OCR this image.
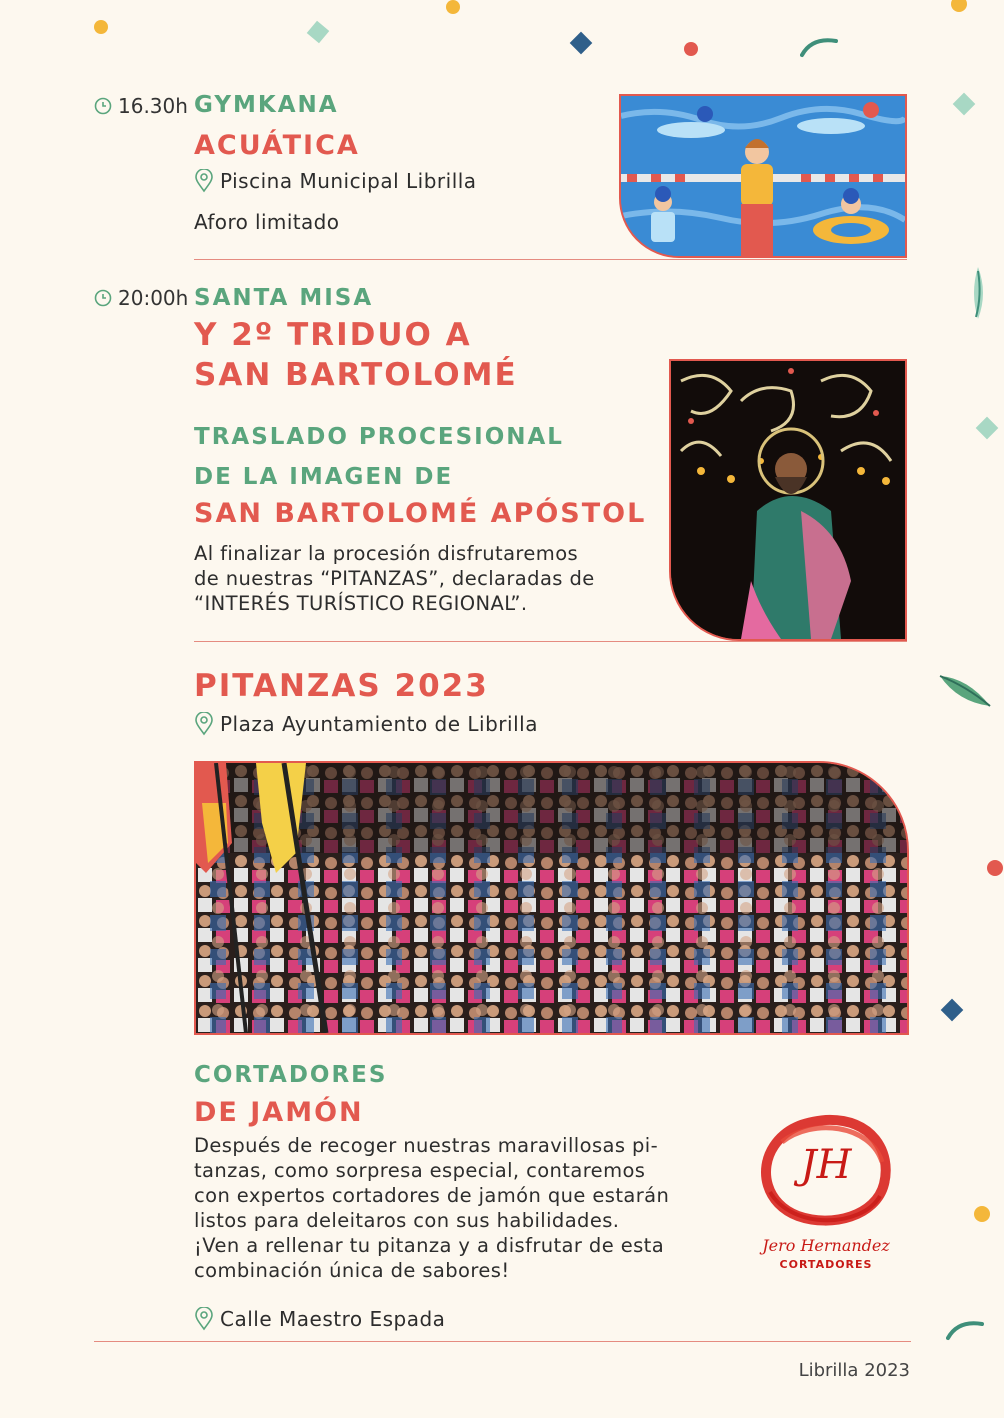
16.30h GYMKANA
ACUÁTICA
Piscina Municipal Librilla
Aforo limitado
20:00h SANTA MISA
Y 2º TRIDUO A
SAN BARTOLOMÉ
TRASLADO PROCESIONAL
DE LA IMAGEN DE
SAN BARTOLOMÉ APÓSTOL
Al finalizar la procesión disfrutaremos
de nuestras “PITANZAS”, declaradas de
“INTERÉS TURÍSTICO REGIONAL”.
PITANZAS 2023
Plaza Ayuntamiento de Librilla
CORTADORES
DE JAMÓN
Después de recoger nuestras maravillosas pi-
tanzas, como sorpresa especial, contaremos
con expertos cortadores de jamón que estarán
listos para deleitaros con sus habilidades.
¡Ven a rellenar tu pitanza y a disfrutar de esta
combinación única de sabores!
JH
Jero Hernandez
CORTADORES
Calle Maestro Espada
Librilla 2023
